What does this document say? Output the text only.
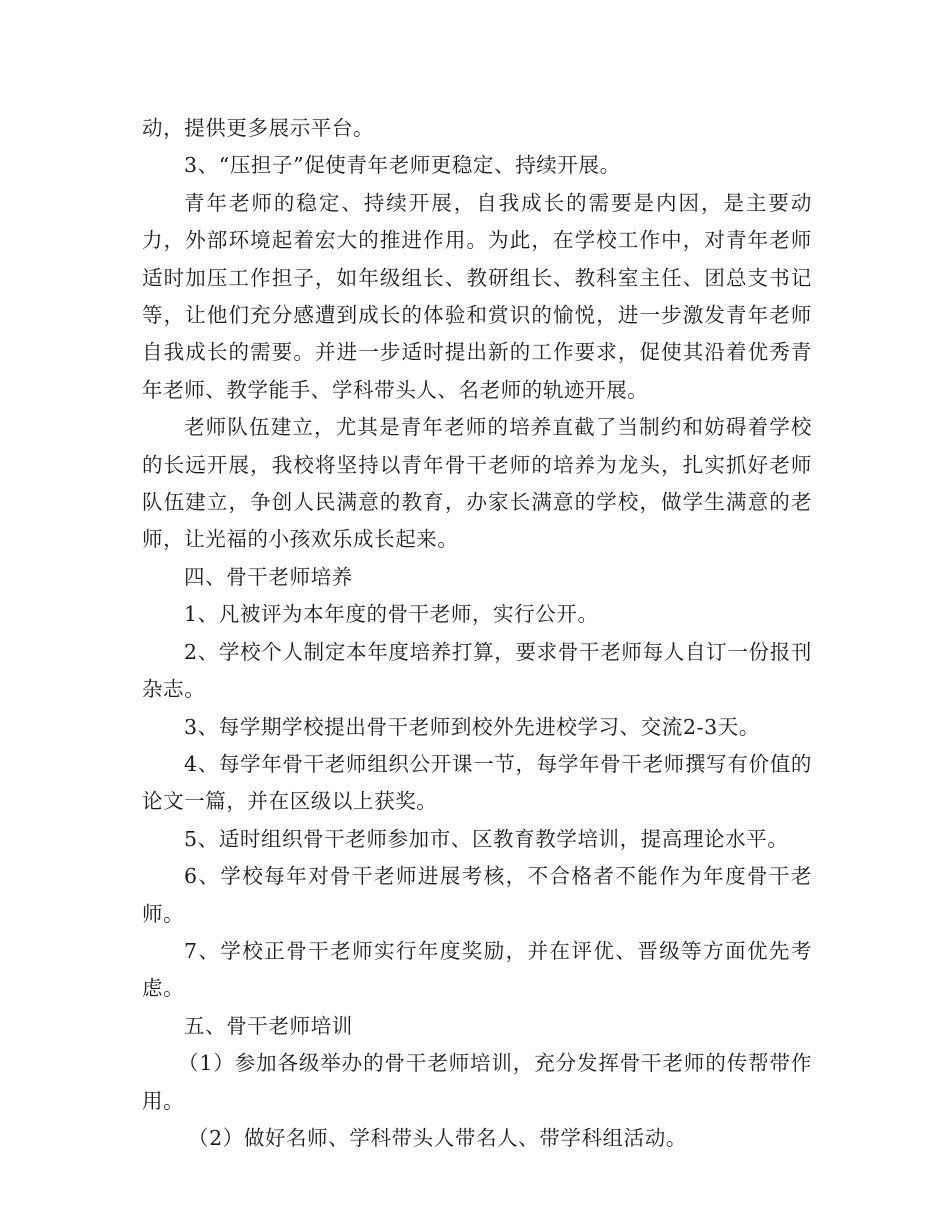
动，提供更多展示平台。

3、“压担子”促使青年老师更稳定、持续开展。

青年老师的稳定、持续开展，自我成长的需要是内因，是主要动力，外部环境起着宏大的推进作用。为此，在学校工作中，对青年老师适时加压工作担子，如年级组长、教研组长、教科室主任、团总支书记等，让他们充分感遭到成长的体验和赏识的愉悦，进一步激发青年老师自我成长的需要。并进一步适时提出新的工作要求，促使其沿着优秀青年老师、教学能手、学科带头人、名老师的轨迹开展。

老师队伍建立，尤其是青年老师的培养直截了当制约和妨碍着学校的长远开展，我校将坚持以青年骨干老师的培养为龙头，扎实抓好老师队伍建立，争创人民满意的教育，办家长满意的学校，做学生满意的老师，让光福的小孩欢乐成长起来。

四、骨干老师培养

1、凡被评为本年度的骨干老师，实行公开。

2、学校个人制定本年度培养打算，要求骨干老师每人自订一份报刊杂志。

3、每学期学校提出骨干老师到校外先进校学习、交流2-3天。

4、每学年骨干老师组织公开课一节，每学年骨干老师撰写有价值的论文一篇，并在区级以上获奖。

5、适时组织骨干老师参加市、区教育教学培训，提高理论水平。

6、学校每年对骨干老师进展考核，不合格者不能作为年度骨干老师。

7、学校正骨干老师实行年度奖励，并在评优、晋级等方面优先考虑。

五、骨干老师培训

（1）参加各级举办的骨干老师培训，充分发挥骨干老师的传帮带作用。

（2）做好名师、学科带头人带名人、带学科组活动。
